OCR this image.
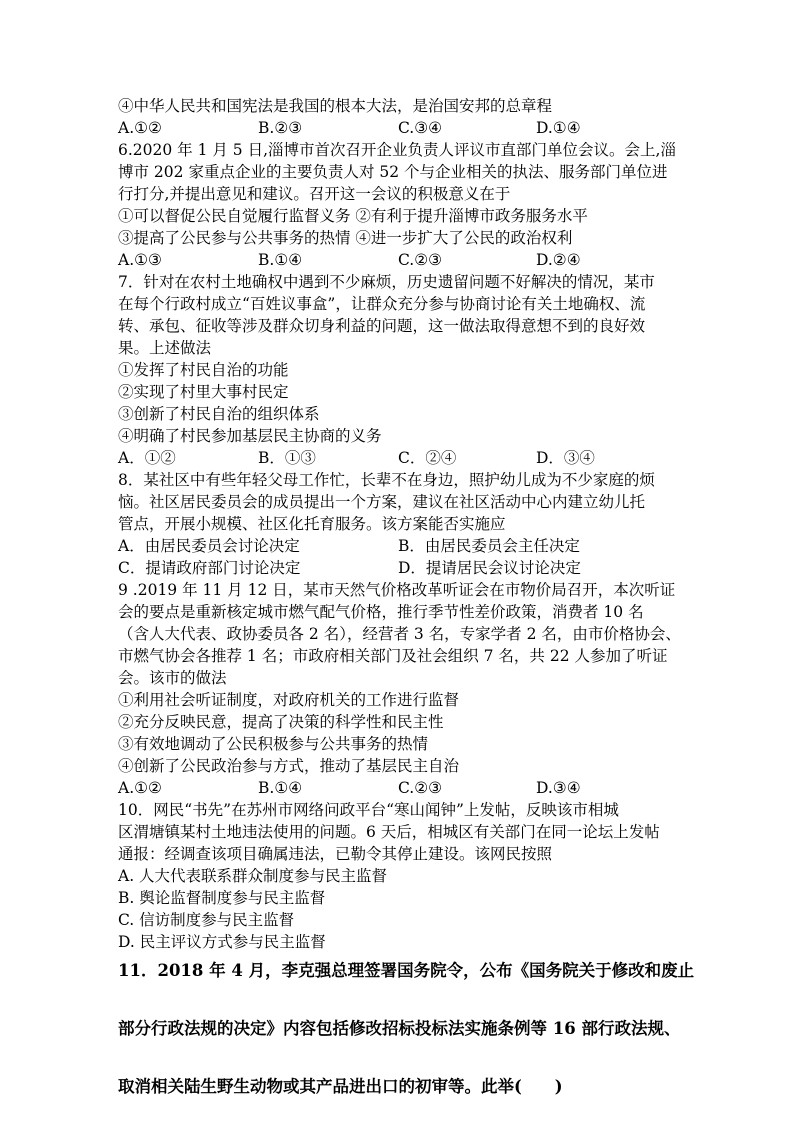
④中华人民共和国宪法是我国的根本大法，是治国安邦的总章程
A.①②	B.②③	C.③④	D.①④
6.2020 年 1 月 5 日,淄博市首次召开企业负责人评议市直部门单位会议。会上,淄
博市 202 家重点企业的主要负责人对 52 个与企业相关的执法、服务部门单位进
行打分,并提出意见和建议。召开这一会议的积极意义在于
①可以督促公民自觉履行监督义务 ②有利于提升淄博市政务服务水平
③提高了公民参与公共事务的热情 ④进一步扩大了公民的政治权利
A.①③	B.①④	C.②③	D.②④
7．针对在农村土地确权中遇到不少麻烦，历史遗留问题不好解决的情况，某市
在每个行政村成立“百姓议事盒”，让群众充分参与协商讨论有关土地确权、流
转、承包、征收等涉及群众切身利益的问题，这一做法取得意想不到的良好效
果。上述做法
①发挥了村民自治的功能
②实现了村里大事村民定
③创新了村民自治的组织体系
④明确了村民参加基层民主协商的义务
A．①②	B．①③	C．②④	D．③④
8．某社区中有些年轻父母工作忙，长辈不在身边，照护幼儿成为不少家庭的烦
恼。社区居民委员会的成员提出一个方案，建议在社区活动中心内建立幼儿托
管点，开展小规模、社区化托育服务。该方案能否实施应
A．由居民委员会讨论决定	B．由居民委员会主任决定
C．提请政府部门讨论决定	D．提请居民会议讨论决定
9 .2019 年 11 月 12 日，某市天然气价格改革听证会在市物价局召开，本次听证
会的要点是重新核定城市燃气配气价格，推行季节性差价政策，消费者 10 名
（含人大代表、政协委员各 2 名），经营者 3 名，专家学者 2 名，由市价格协会、
市燃气协会各推荐 1 名；市政府相关部门及社会组织 7 名，共 22 人参加了听证
会。该市的做法
①利用社会听证制度，对政府机关的工作进行监督
②充分反映民意，提高了决策的科学性和民主性
③有效地调动了公民积极参与公共事务的热情
④创新了公民政治参与方式，推动了基层民主自治
A.①②	B.①④	C.②③	D.③④
10．网民“书先”在苏州市网络问政平台“寒山闻钟”上发帖，反映该市相城
区渭塘镇某村土地违法使用的问题。6 天后，相城区有关部门在同一论坛上发帖
通报：经调查该项目确属违法，已勒令其停止建设。该网民按照
A. 人大代表联系群众制度参与民主监督
B. 舆论监督制度参与民主监督
C. 信访制度参与民主监督
D. 民主评议方式参与民主监督
11．2018 年 4 月，李克强总理签署国务院令，公布《国务院关于修改和废止
部分行政法规的决定》内容包括修改招标投标法实施条例等 16 部行政法规、
取消相关陆生野生动物或其产品进出口的初审等。此举(　　)
